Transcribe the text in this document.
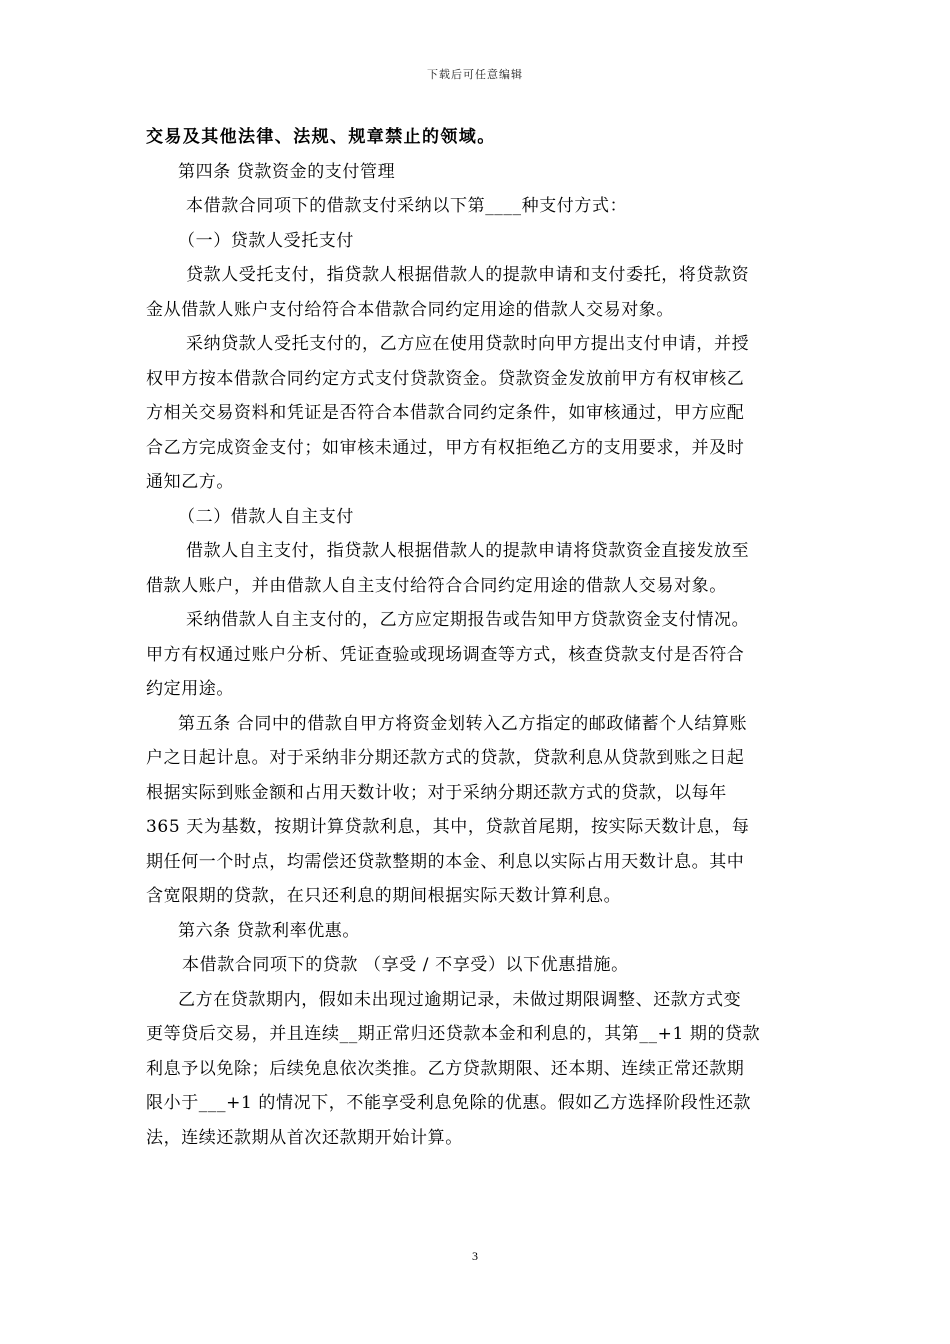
下载后可任意编辑
交易及其他法律、法规、规章禁止的领域。
第四条 贷款资金的支付管理
本借款合同项下的借款支付采纳以下第____种支付方式：
（一）贷款人受托支付
贷款人受托支付，指贷款人根据借款人的提款申请和支付委托，将贷款资
金从借款人账户支付给符合本借款合同约定用途的借款人交易对象。
采纳贷款人受托支付的，乙方应在使用贷款时向甲方提出支付申请，并授
权甲方按本借款合同约定方式支付贷款资金。贷款资金发放前甲方有权审核乙
方相关交易资料和凭证是否符合本借款合同约定条件，如审核通过，甲方应配
合乙方完成资金支付；如审核未通过，甲方有权拒绝乙方的支用要求，并及时
通知乙方。
（二）借款人自主支付
借款人自主支付，指贷款人根据借款人的提款申请将贷款资金直接发放至
借款人账户，并由借款人自主支付给符合合同约定用途的借款人交易对象。
采纳借款人自主支付的，乙方应定期报告或告知甲方贷款资金支付情况。
甲方有权通过账户分析、凭证查验或现场调查等方式，核查贷款支付是否符合
约定用途。
第五条 合同中的借款自甲方将资金划转入乙方指定的邮政储蓄个人结算账
户之日起计息。对于采纳非分期还款方式的贷款，贷款利息从贷款到账之日起
根据实际到账金额和占用天数计收；对于采纳分期还款方式的贷款，以每年
365 天为基数，按期计算贷款利息，其中，贷款首尾期，按实际天数计息，每
期任何一个时点，均需偿还贷款整期的本金、利息以实际占用天数计息。其中
含宽限期的贷款，在只还利息的期间根据实际天数计算利息。
第六条 贷款利率优惠。
本借款合同项下的贷款 （享受 / 不享受）以下优惠措施。
乙方在贷款期内，假如未出现过逾期记录，未做过期限调整、还款方式变
更等贷后交易，并且连续__期正常归还贷款本金和利息的，其第__+1 期的贷款
利息予以免除；后续免息依次类推。乙方贷款期限、还本期、连续正常还款期
限小于___+1 的情况下，不能享受利息免除的优惠。假如乙方选择阶段性还款
法，连续还款期从首次还款期开始计算。
3
